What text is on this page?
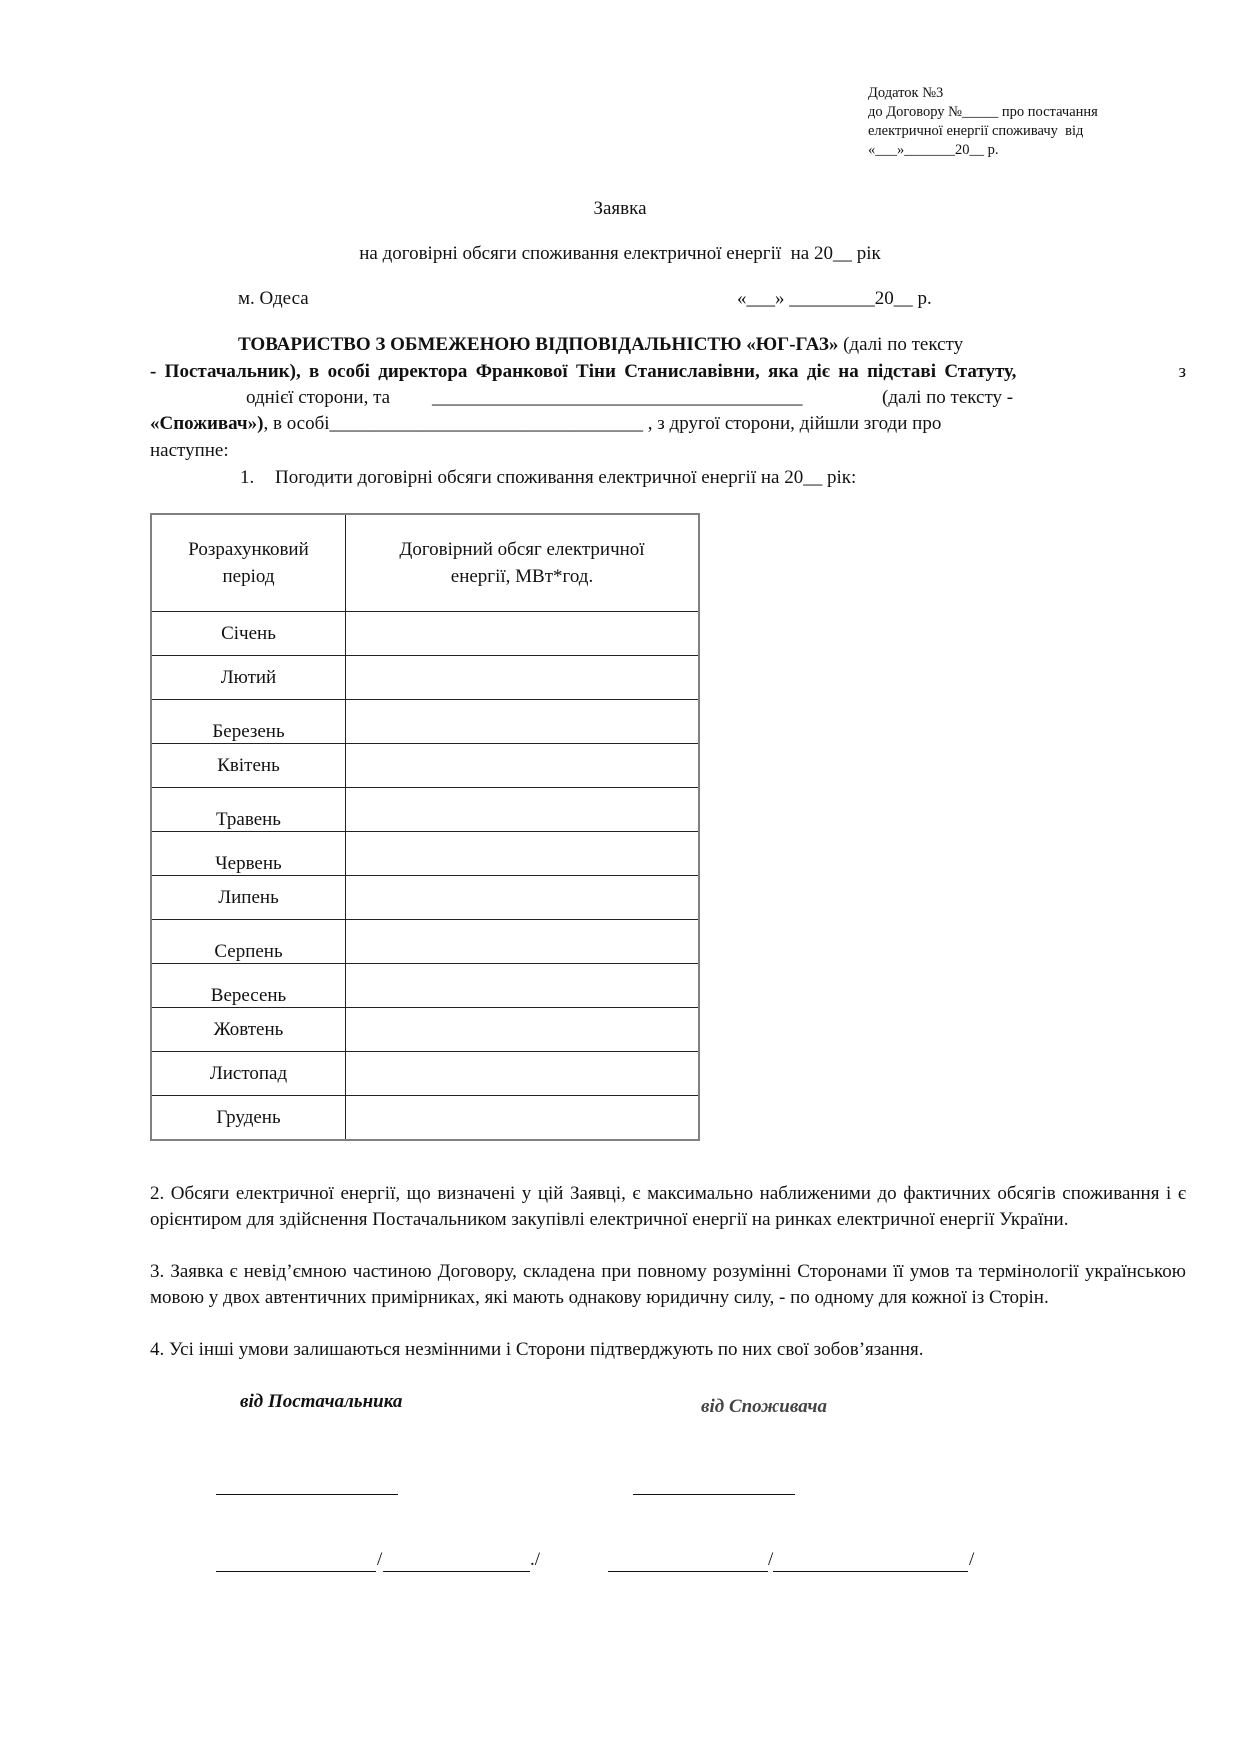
Додаток №3
до Договору №_____ про постачання
електричної енергії споживачу  від
«___»_______20__ р.
Заявка
на договірні обсяги споживання електричної енергії  на 20__ рік
м. Одеса	«___» _________20__ р.
ТОВАРИСТВО З ОБМЕЖЕНОЮ ВІДПОВІДАЛЬНІСТЮ «ЮГ-ГАЗ» (далі по тексту
- Постачальник), в особі директора Франкової Тіни Станиславівни, яка діє на підставі Статуту,	з
однієї сторони, та _______________________________________	(далі по тексту -
«Споживач»), в особі_________________________________ , з другої сторони, дійшли згоди про
наступне:
1. Погодити договірні обсяги споживання електричної енергії на 20__ рік:
Розрахунковий
період

Договірний обсяг електричної
енергії, МВт*год.

Січень	
Лютий	
Березень	
Квітень	
Травень	
Червень	
Липень	
Серпень	
Вересень	
Жовтень	
Листопад	
Грудень	
2. Обсяги електричної енергії, що визначені у цій Заявці, є максимально наближеними до фактичних обсягів споживання і є орієнтиром для здійснення Постачальником закупівлі електричної енергії на ринках електричної енергії України.
3. Заявка є невід’ємною частиною Договору, складена при повному розумінні Сторонами її умов та термінології українською мовою у двох автентичних примірниках, які мають однакову юридичну силу, - по одному для кожної із Сторін.
4. Усі інші умови залишаються незмінними і Сторони підтверджують по них свої зобов’язання.
від Постачальника	від Споживача
/	./	/	/
